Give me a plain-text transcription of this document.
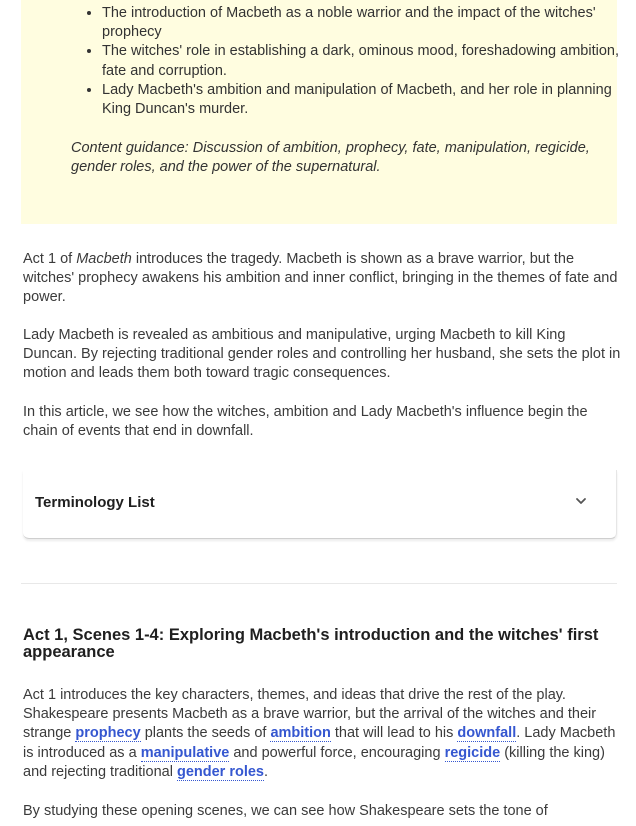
• The introduction of Macbeth as a noble warrior and the impact of the witches' prophecy
• The witches' role in establishing a dark, ominous mood, foreshadowing ambition, fate and corruption.
• Lady Macbeth's ambition and manipulation of Macbeth, and her role in planning King Duncan's murder.

Content guidance: Discussion of ambition, prophecy, fate, manipulation, regicide, gender roles, and the power of the supernatural.

Act 1 of Macbeth introduces the tragedy. Macbeth is shown as a brave warrior, but the witches' prophecy awakens his ambition and inner conflict, bringing in the themes of fate and power.

Lady Macbeth is revealed as ambitious and manipulative, urging Macbeth to kill King Duncan. By rejecting traditional gender roles and controlling her husband, she sets the plot in motion and leads them both toward tragic consequences.

In this article, we see how the witches, ambition and Lady Macbeth's influence begin the chain of events that end in downfall.

Terminology List
Act 1, Scenes 1-4: Exploring Macbeth's introduction and the witches' first appearance

Act 1 introduces the key characters, themes, and ideas that drive the rest of the play. Shakespeare presents Macbeth as a brave warrior, but the arrival of the witches and their strange prophecy plants the seeds of ambition that will lead to his downfall. Lady Macbeth is introduced as a manipulative and powerful force, encouraging regicide (killing the king) and rejecting traditional gender roles.

By studying these opening scenes, we can see how Shakespeare sets the tone of
